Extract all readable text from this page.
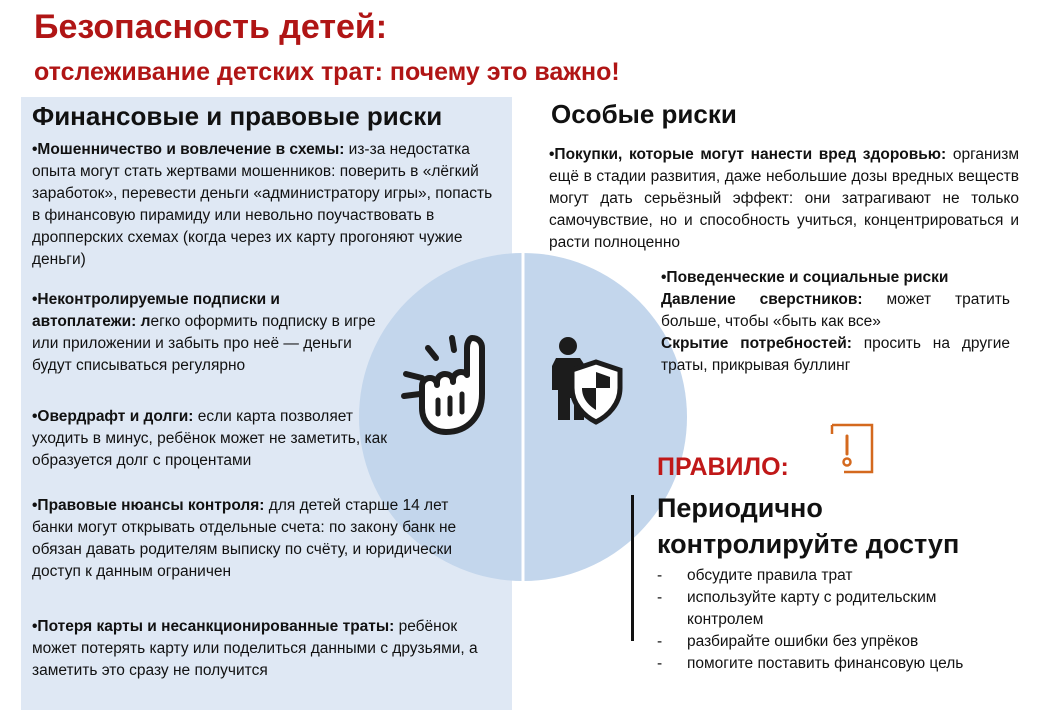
Безопасность детей:
отслеживание детских трат: почему это важно!
Финансовые и правовые риски
•Мошенничество и вовлечение в схемы: из-за недостатка опыта могут стать жертвами мошенников: поверить в «лёгкий заработок», перевести деньги «администратору игры», попасть в финансовую пирамиду или невольно поучаствовать в дропперских схемах (когда через их карту прогоняют чужие деньги)
•Неконтролируемые подписки и автоплатежи: легко оформить подписку в игре или приложении и забыть про неё — деньги будут списываться регулярно
•Овердрафт и долги: если карта позволяет уходить в минус, ребёнок может не заметить, как образуется долг с процентами
•Правовые нюансы контроля: для детей старше 14 лет банки могут открывать отдельные счета: по закону банк не обязан давать родителям выписку по счёту, и юридически доступ к данным ограничен
•Потеря карты и несанкционированные траты: ребёнок может потерять карту или поделиться данными с друзьями, а заметить это сразу не получится
Особые риски
•Покупки, которые могут нанести вред здоровью: организм ещё в стадии развития, даже небольшие дозы вредных веществ могут дать серьёзный эффект: они затрагивают не только самочувствие, но и способность учиться, концентрироваться и расти полноценно
•Поведенческие и социальные риски
Давление сверстников: может тратить больше, чтобы «быть как все»
Скрытие потребностей: просить на другие траты, прикрывая буллинг
ПРАВИЛО:
Периодично
контролируйте доступ
- обсудите правила трат
- используйте карту с родительским контролем
- разбирайте ошибки без упрёков
- помогите поставить финансовую цель
